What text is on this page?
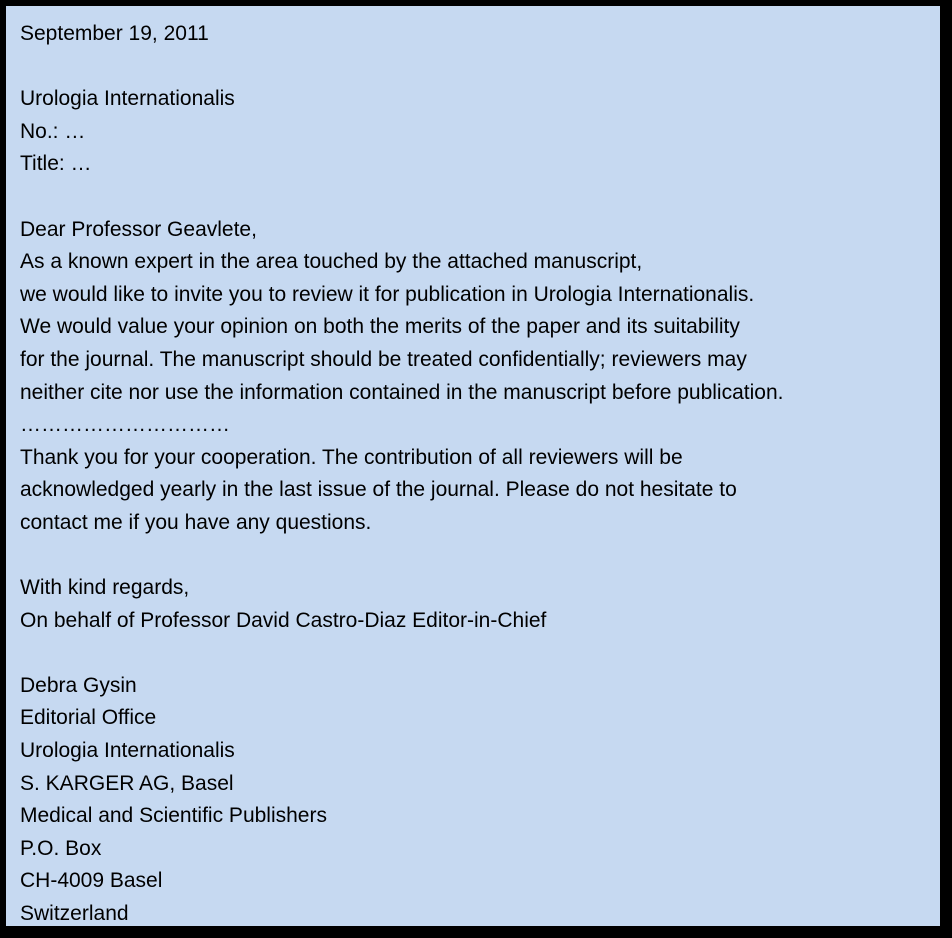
September 19, 2011
Urologia Internationalis
No.: …
Title: …
Dear Professor Geavlete,
As a known expert in the area touched by the attached manuscript,
we would like to invite you to review it for publication in Urologia Internationalis.
We would value your opinion on both the merits of the paper and its suitability
for the journal. The manuscript should be treated confidentially; reviewers may
neither cite nor use the information contained in the manuscript before publication.
…………………………
Thank you for your cooperation. The contribution of all reviewers will be
acknowledged yearly in the last issue of the journal. Please do not hesitate to
contact me if you have any questions.
With kind regards,
On behalf of Professor David Castro-Diaz Editor-in-Chief
Debra Gysin
Editorial Office
Urologia Internationalis
S. KARGER AG, Basel
Medical and Scientific Publishers
P.O. Box
CH-4009 Basel
Switzerland
